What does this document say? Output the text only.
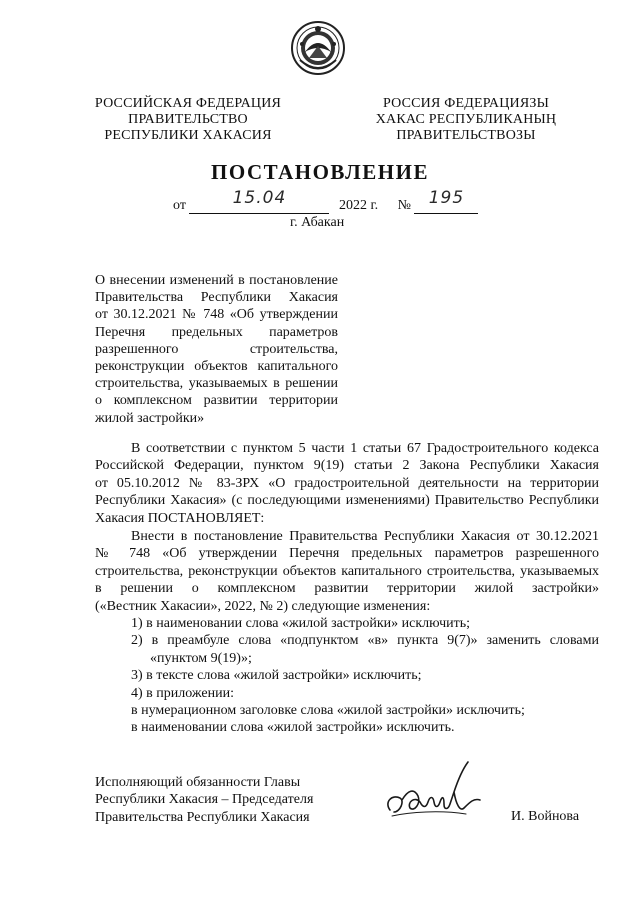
РОССИЙСКАЯ ФЕДЕРАЦИЯ
ПРАВИТЕЛЬСТВО
РЕСПУБЛИКИ ХАКАСИЯ
РОССИЯ ФЕДЕРАЦИЯЗЫ
ХАКАС РЕСПУБЛИКАНЫҢ
ПРАВИТЕЛЬСТВОЗЫ
ПОСТАНОВЛЕНИЕ
от	15.04	2022 г. № 195
г. Абакан
О внесении изменений в постановление
Правительства Республики Хакасия
от 30.12.2021 № 748 «Об утверждении
Перечня предельных параметров
разрешенного строительства,
реконструкции объектов капитального
строительства, указываемых в решении
о комплексном развитии территории
жилой застройки»
В соответствии с пунктом 5 части 1 статьи 67 Градостроительного кодекса
Российской Федерации, пунктом 9(19) статьи 2 Закона Республики Хакасия
от 05.10.2012 № 83-ЗРХ «О градостроительной деятельности на территории
Республики Хакасия» (с последующими изменениями) Правительство Республики
Хакасия ПОСТАНОВЛЯЕТ:
Внести в постановление Правительства Республики Хакасия от 30.12.2021
№ 748 «Об утверждении Перечня предельных параметров разрешенного
строительства, реконструкции объектов капитального строительства, указываемых
в решении о комплексном развитии территории жилой застройки»
(«Вестник Хакасии», 2022, № 2) следующие изменения:
1) в наименовании слова «жилой застройки» исключить;
2) в преамбуле слова «подпунктом «в» пункта 9(7)» заменить словами
«пунктом 9(19)»;
3) в тексте слова «жилой застройки» исключить;
4) в приложении:
в нумерационном заголовке слова «жилой застройки» исключить;
в наименовании слова «жилой застройки» исключить.
Исполняющий обязанности Главы
Республики Хакасия – Председателя
Правительства Республики Хакасия	И. Войнова
